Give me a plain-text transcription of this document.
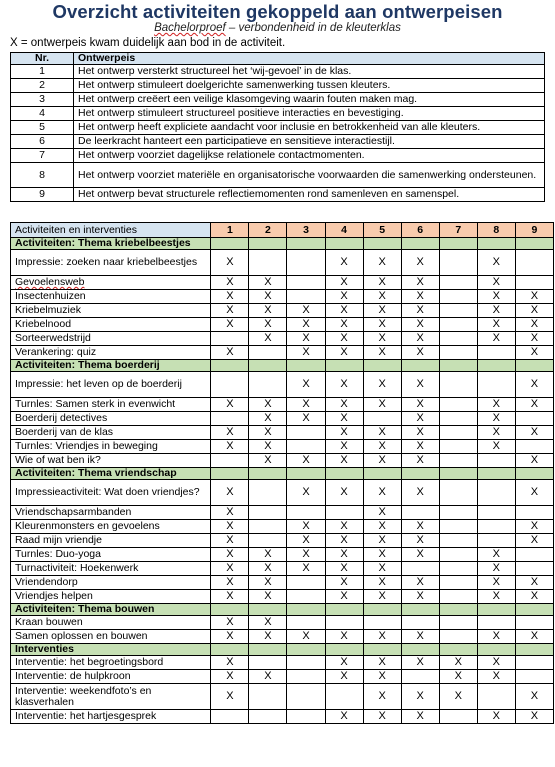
Overzicht activiteiten gekoppeld aan ontwerpeisen
Bachelorproef – verbondenheid in de kleuterklas
X = ontwerpeis kwam duidelijk aan bod in de activiteit.
Nr.	Ontwerpeis
1	Het ontwerp versterkt structureel het ‘wij-gevoel’ in de klas.
2	Het ontwerp stimuleert doelgerichte samenwerking tussen kleuters.
3	Het ontwerp creëert een veilige klasomgeving waarin fouten maken mag.
4	Het ontwerp stimuleert structureel positieve interacties en bevestiging.
5	Het ontwerp heeft expliciete aandacht voor inclusie en betrokkenheid van alle kleuters.
6	De leerkracht hanteert een participatieve en sensitieve interactiestijl.
7	Het ontwerp voorziet dagelijkse relationele contactmomenten.
8	Het ontwerp voorziet materiële en organisatorische voorwaarden die samenwerking ondersteunen.
9	Het ontwerp bevat structurele reflectiemomenten rond samenleven en samenspel.
Activiteiten en interventies	1	2	3	4	5	6	7	8	9
Activiteiten: Thema kriebelbeestjes									
Impressie: zoeken naar kriebelbeestjes	X			X	X	X		X	
Gevoelensweb	X	X		X	X	X		X	
Insectenhuizen	X	X		X	X	X		X	X
Kriebelmuziek	X	X	X	X	X	X		X	X
Kriebelnood	X	X	X	X	X	X		X	X
Sorteerwedstrijd		X	X	X	X	X		X	X
Verankering: quiz	X		X	X	X	X			X
Activiteiten: Thema boerderij									
Impressie: het leven op de boerderij			X	X	X	X			X
Turnles: Samen sterk in evenwicht	X	X	X	X	X	X		X	X
Boerderij detectives		X	X	X		X		X	
Boerderij van de klas	X	X		X	X	X		X	X
Turnles: Vriendjes in beweging	X	X		X	X	X		X	
Wie of wat ben ik?		X	X	X	X	X			X
Activiteiten: Thema vriendschap									
Impressieactiviteit: Wat doen vriendjes?	X		X	X	X	X			X
Vriendschapsarmbanden	X				X				
Kleurenmonsters en gevoelens	X		X	X	X	X			X
Raad mijn vriendje	X		X	X	X	X			X
Turnles: Duo-yoga	X	X	X	X	X	X		X	
Turnactiviteit: Hoekenwerk	X	X	X	X	X			X	
Vriendendorp	X	X		X	X	X		X	X
Vriendjes helpen	X	X		X	X	X		X	X
Activiteiten: Thema bouwen									
Kraan bouwen	X	X							
Samen oplossen en bouwen	X	X	X	X	X	X		X	X
Interventies									
Interventie: het begroetingsbord	X			X	X	X	X	X	
Interventie: de hulpkroon	X	X		X	X		X	X	
Interventie: weekendfoto’s en klasverhalen	X				X	X	X		X
Interventie: het hartjesgesprek				X	X	X		X	X
